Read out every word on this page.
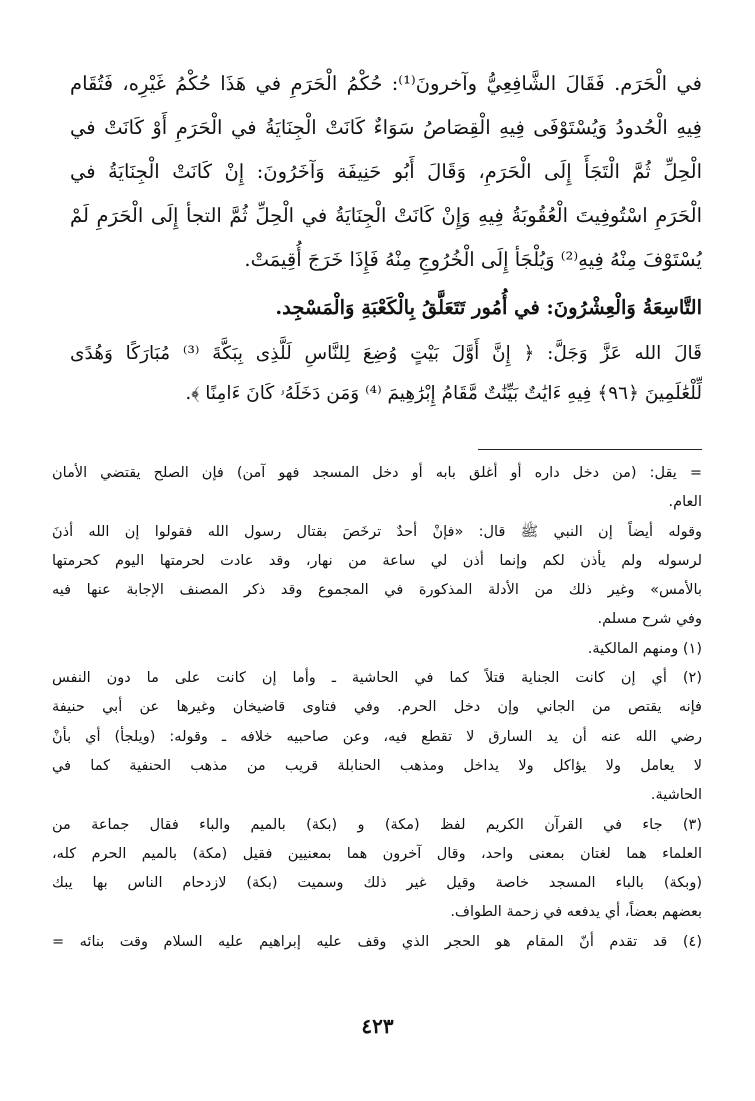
في الْحَرَم. فَقَالَ الشَّافِعِيُّ وآخرونَ⁽¹⁾: حُكْمُ الْحَرَمِ في هَذَا حُكْمُ غَيْرِه، فَتُقَام
فِيهِ الْحُدودُ وَيُسْتَوْفَى فِيهِ الْقِصَاصُ سَوَاءٌ كَانَتْ الْجِنَايَةُ في الْحَرَمِ أَوْ كَانَتْ في
الْحِلِّ ثُمَّ الْتَجَأَ إِلَى الْحَرَمِ، وَقَالَ أَبُو حَنِيفَة وَآخَرُونَ: إِنْ كَانَتْ الْجِنَايَةُ في
الْحَرَمِ اسْتُوفِيتَ الْعُقُوبَةُ فِيهِ وَإِنْ كَانَتْ الْجِنَايَةُ في الْحِلِّ ثُمَّ التجأ إِلَى الْحَرَمِ لَمْ
يُسْتَوْفَ مِنْهُ فِيهِ⁽²⁾ وَيُلْجَأ إِلَى الْخُرُوجِ مِنْهُ فَإِذَا خَرَجَ أُقِيمَتْ.
التَّاسِعَةُ وَالْعِشْرُونَ: في أُمُور تَتَعَلَّقُ بِالْكَعْبَةِ وَالْمَسْجِد.
قَالَ الله عَزَّ وَجَلَّ: ﴿ إِنَّ أَوَّلَ بَيْتٍ وُضِعَ لِلنَّاسِ لَلَّذِى بِبَكَّةَ ⁽³⁾ مُبَارَكًا وَهُدًى
لِّلْعَٰلَمِينَ ﴿٩٦﴾ فِيهِ ءَايَٰتٌ بَيِّنَٰتٌ مَّقَامُ إِبْرَٰهِيمَ ⁽⁴⁾ وَمَن دَخَلَهُۥ كَانَ ءَامِنًا ﴾.
= يقل: (من دخل داره أو أغلق بابه أو دخل المسجد فهو آمن) فإن الصلح يقتضي الأمان
العام.
وقوله أيضاً إن النبي ﷺ قال: «فإنْ أحدٌ ترخَصَ بقتال رسول الله فقولوا إن الله أذنَ
لرسوله ولم يأذن لكم وإنما أذن لي ساعة من نهار، وقد عادت لحرمتها اليوم كحرمتها
بالأمس» وغير ذلك من الأدلة المذكورة في المجموع وقد ذكر المصنف الإجابة عنها فيه
وفي شرح مسلم.
(١) ومنهم المالكية.
(٢) أي إن كانت الجناية قتلاً كما في الحاشية ـ وأما إن كانت على ما دون النفس
فإنه يقتص من الجاني وإن دخل الحرم. وفي فتاوى قاضيخان وغيرها عن أبي حنيفة
رضي الله عنه أن يد السارق لا تقطع فيه، وعن صاحبيه خلافه ـ وقوله: (ويلجأ) أي بأنْ
لا يعامل ولا يؤاكل ولا يداخل ومذهب الحنابلة قريب من مذهب الحنفية كما في
الحاشية.
(٣) جاء في القرآن الكريم لفظ (مكة) و (بكة) بالميم والباء فقال جماعة من
العلماء هما لغتان بمعنى واحد، وقال آخرون هما بمعنيين فقيل (مكة) بالميم الحرم كله،
(وبكة) بالباء المسجد خاصة وقيل غير ذلك وسميت (بكة) لازدحام الناس بها يبك
بعضهم بعضاً، أي يدفعه في زحمة الطواف.
(٤) قد تقدم أنّ المقام هو الحجر الذي وقف عليه إبراهيم عليه السلام وقت بنائه =
٤٢٣
